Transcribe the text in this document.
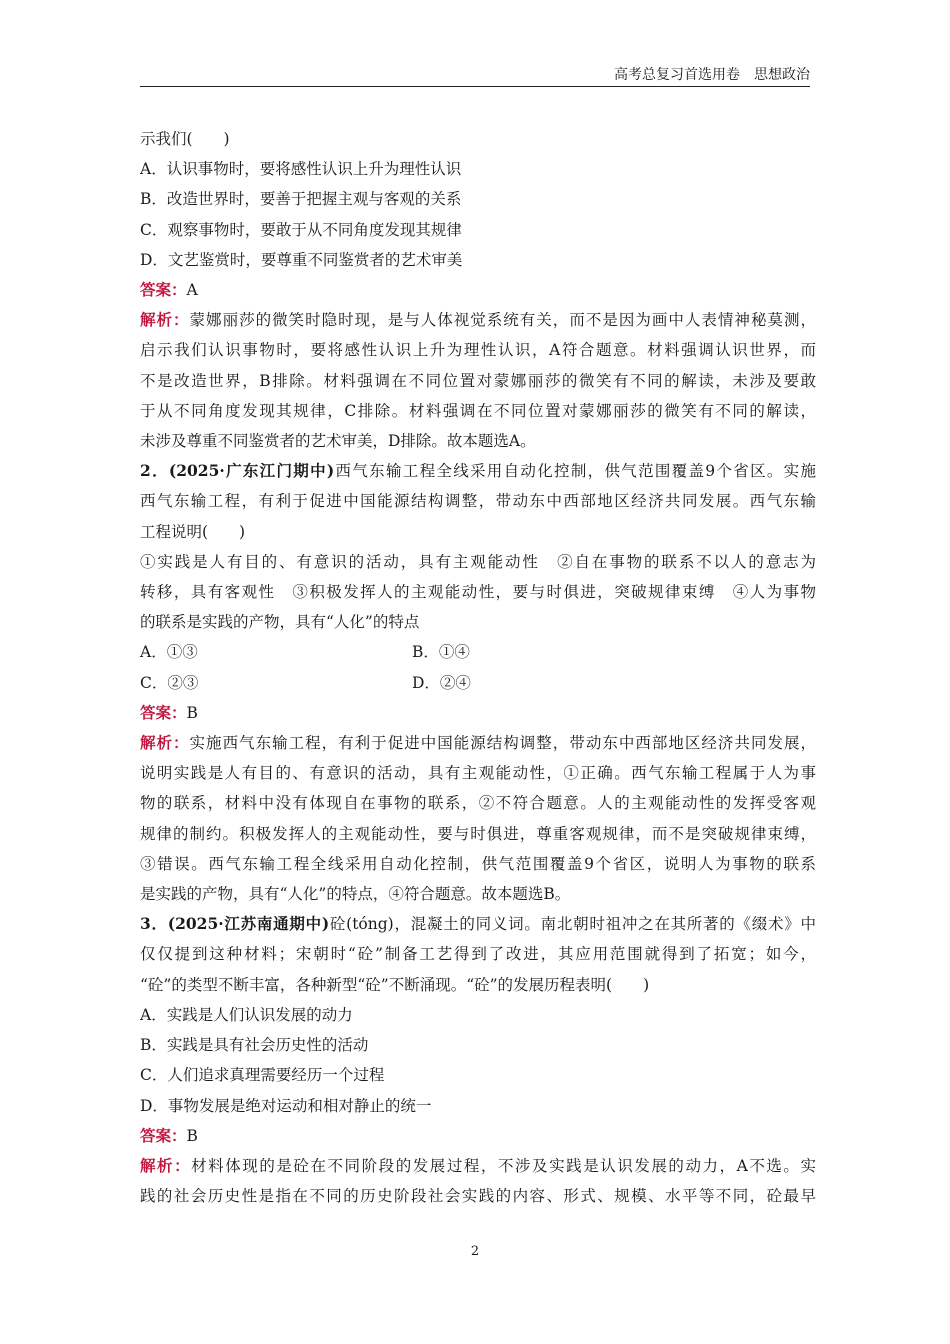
高考总复习首选用卷　思想政治
示我们(　　)
A．认识事物时，要将感性认识上升为理性认识
B．改造世界时，要善于把握主观与客观的关系
C．观察事物时，要敢于从不同角度发现其规律
D．文艺鉴赏时，要尊重不同鉴赏者的艺术审美
答案：A
解析：蒙娜丽莎的微笑时隐时现，是与人体视觉系统有关，而不是因为画中人表情神秘莫测，
启示我们认识事物时，要将感性认识上升为理性认识，A符合题意。材料强调认识世界，而
不是改造世界，B排除。材料强调在不同位置对蒙娜丽莎的微笑有不同的解读，未涉及要敢
于从不同角度发现其规律，C排除。材料强调在不同位置对蒙娜丽莎的微笑有不同的解读，
未涉及尊重不同鉴赏者的艺术审美，D排除。故本题选A。
2．(2025·广东江门期中)西气东输工程全线采用自动化控制，供气范围覆盖9个省区。实施
西气东输工程，有利于促进中国能源结构调整，带动东中西部地区经济共同发展。西气东输
工程说明(　　)
①实践是人有目的、有意识的活动，具有主观能动性　②自在事物的联系不以人的意志为
转移，具有客观性　③积极发挥人的主观能动性，要与时俱进，突破规律束缚　④人为事物
的联系是实践的产物，具有“人化”的特点
A．①③	B．①④
C．②③	D．②④
答案：B
解析：实施西气东输工程，有利于促进中国能源结构调整，带动东中西部地区经济共同发展，
说明实践是人有目的、有意识的活动，具有主观能动性，①正确。西气东输工程属于人为事
物的联系，材料中没有体现自在事物的联系，②不符合题意。人的主观能动性的发挥受客观
规律的制约。积极发挥人的主观能动性，要与时俱进，尊重客观规律，而不是突破规律束缚，
③错误。西气东输工程全线采用自动化控制，供气范围覆盖9个省区，说明人为事物的联系
是实践的产物，具有“人化”的特点，④符合题意。故本题选B。
3．(2025·江苏南通期中)砼(tóng)，混凝土的同义词。南北朝时祖冲之在其所著的《缀术》中
仅仅提到这种材料；宋朝时“砼”制备工艺得到了改进，其应用范围就得到了拓宽；如今，
“砼”的类型不断丰富，各种新型“砼”不断涌现。“砼”的发展历程表明(　　)
A．实践是人们认识发展的动力
B．实践是具有社会历史性的活动
C．人们追求真理需要经历一个过程
D．事物发展是绝对运动和相对静止的统一
答案：B
解析：材料体现的是砼在不同阶段的发展过程，不涉及实践是认识发展的动力，A不选。实
践的社会历史性是指在不同的历史阶段社会实践的内容、形式、规模、水平等不同，砼最早
2
